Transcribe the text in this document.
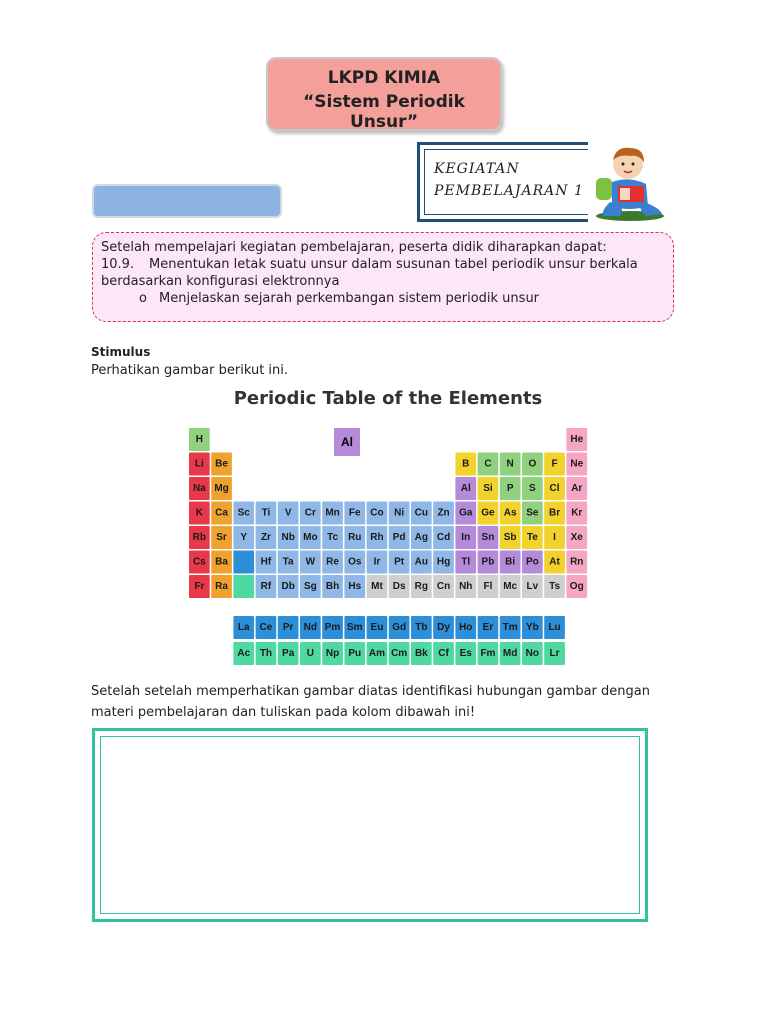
LKPD KIMIA
“Sistem Periodik Unsur”
KEGIATAN
PEMBELAJARAN 1
Setelah mempelajari kegiatan pembelajaran, peserta didik diharapkan dapat:
10.9. Menentukan letak suatu unsur dalam susunan tabel periodik unsur berkala
berdasarkan konfigurasi elektronnya
o Menjelaskan sejarah perkembangan sistem periodik unsur
Stimulus
Perhatikan gambar berikut ini.
Periodic Table of the Elements
H	He
Li Be	B C N O F Ne
Na Mg	Al Si P S Cl Ar
K Ca Sc Ti V Cr Mn Fe Co Ni Cu Zn Ga Ge As Se Br Kr
Rb Sr Y Zr Nb Mo Tc Ru Rh Pd Ag Cd In Sn Sb Te I Xe
Cs Ba	Hf Ta W Re Os Ir Pt Au Hg Tl Pb Bi Po At Rn
Fr Ra	Rf Db Sg Bh Hs Mt Ds Rg Cn Nh Fl Mc Lv Ts Og
La Ce Pr Nd Pm Sm Eu Gd Tb Dy Ho Er Tm Yb Lu
Ac Th Pa U Np Pu Am Cm Bk Cf Es Fm Md No Lr
Al
Setelah setelah memperhatikan gambar diatas identifikasi hubungan gambar dengan materi pembelajaran dan tuliskan pada kolom dibawah ini!
